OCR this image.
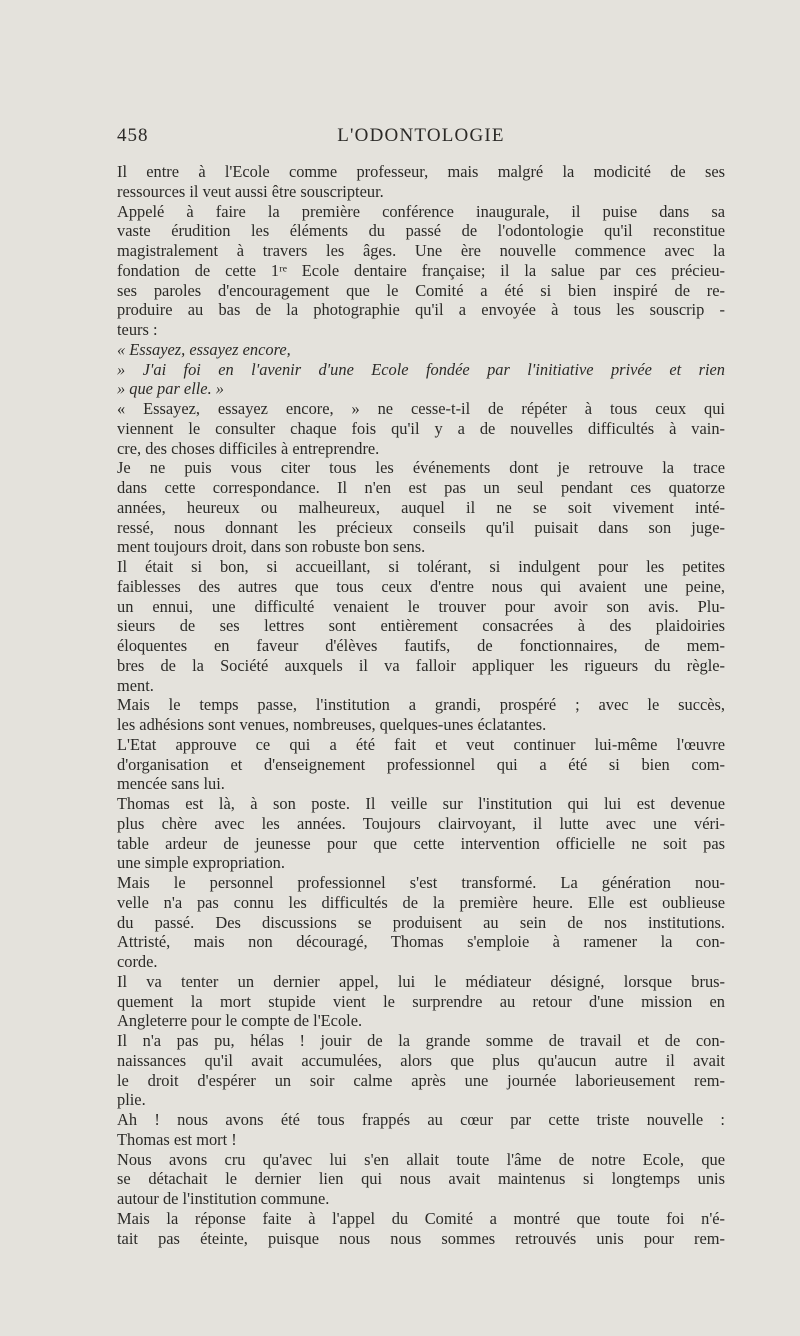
458	L'ODONTOLOGIE
Il entre à l'Ecole comme professeur, mais malgré la modicité de ses
ressources il veut aussi être souscripteur.
Appelé à faire la première conférence inaugurale, il puise dans sa
vaste érudition les éléments du passé de l'odontologie qu'il reconstitue
magistralement à travers les âges. Une ère nouvelle commence avec la
fondation de cette 1ʳᵉ Ecole dentaire française; il la salue par ces précieu-
ses paroles d'encouragement que le Comité a été si bien inspiré de re-
produire au bas de la photographie qu'il a envoyée à tous les souscrip -
teurs :
« Essayez, essayez encore,
» J'ai foi en l'avenir d'une Ecole fondée par l'initiative privée et rien
» que par elle. »
« Essayez, essayez encore, » ne cesse-t-il de répéter à tous ceux qui
viennent le consulter chaque fois qu'il y a de nouvelles difficultés à vain-
cre, des choses difficiles à entreprendre.
Je ne puis vous citer tous les événements dont je retrouve la trace
dans cette correspondance. Il n'en est pas un seul pendant ces quatorze
années, heureux ou malheureux, auquel il ne se soit vivement inté-
ressé, nous donnant les précieux conseils qu'il puisait dans son juge-
ment toujours droit, dans son robuste bon sens.
Il était si bon, si accueillant, si tolérant, si indulgent pour les petites
faiblesses des autres que tous ceux d'entre nous qui avaient une peine,
un ennui, une difficulté venaient le trouver pour avoir son avis. Plu-
sieurs de ses lettres sont entièrement consacrées à des plaidoiries
éloquentes en faveur d'élèves fautifs, de fonctionnaires, de mem-
bres de la Société auxquels il va falloir appliquer les rigueurs du règle-
ment.
Mais le temps passe, l'institution a grandi, prospéré ; avec le succès,
les adhésions sont venues, nombreuses, quelques-unes éclatantes.
L'Etat approuve ce qui a été fait et veut continuer lui-même l'œuvre
d'organisation et d'enseignement professionnel qui a été si bien com-
mencée sans lui.
Thomas est là, à son poste. Il veille sur l'institution qui lui est devenue
plus chère avec les années. Toujours clairvoyant, il lutte avec une véri-
table ardeur de jeunesse pour que cette intervention officielle ne soit pas
une simple expropriation.
Mais le personnel professionnel s'est transformé. La génération nou-
velle n'a pas connu les difficultés de la première heure. Elle est oublieuse
du passé. Des discussions se produisent au sein de nos institutions.
Attristé, mais non découragé, Thomas s'emploie à ramener la con-
corde.
Il va tenter un dernier appel, lui le médiateur désigné, lorsque brus-
quement la mort stupide vient le surprendre au retour d'une mission en
Angleterre pour le compte de l'Ecole.
Il n'a pas pu, hélas ! jouir de la grande somme de travail et de con-
naissances qu'il avait accumulées, alors que plus qu'aucun autre il avait
le droit d'espérer un soir calme après une journée laborieusement rem-
plie.
Ah ! nous avons été tous frappés au cœur par cette triste nouvelle :
Thomas est mort !
Nous avons cru qu'avec lui s'en allait toute l'âme de notre Ecole, que
se détachait le dernier lien qui nous avait maintenus si longtemps unis
autour de l'institution commune.
Mais la réponse faite à l'appel du Comité a montré que toute foi n'é-
tait pas éteinte, puisque nous nous sommes retrouvés unis pour rem-
